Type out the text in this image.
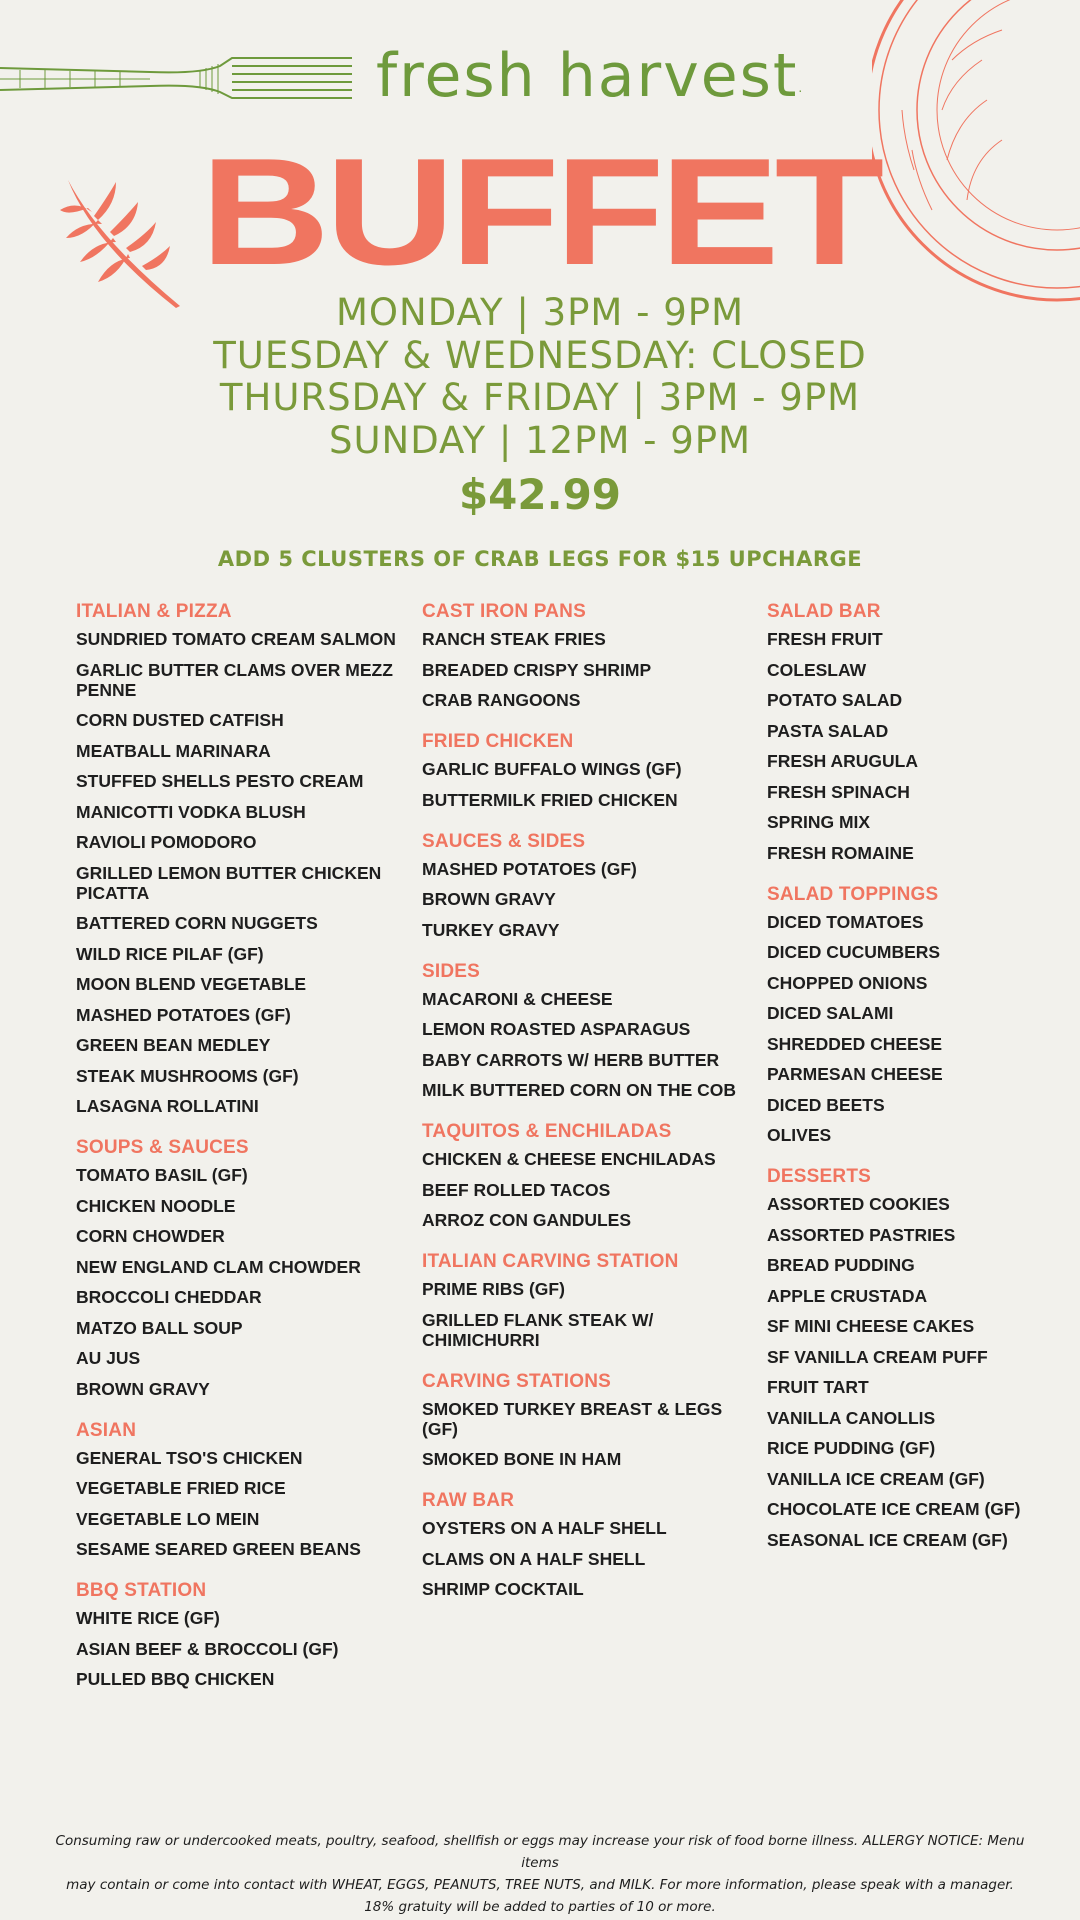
fresh harvest.
BUFFET
MONDAY | 3PM - 9PM
TUESDAY & WEDNESDAY: CLOSED
THURSDAY & FRIDAY | 3PM - 9PM
SUNDAY | 12PM - 9PM
$42.99
ADD 5 CLUSTERS OF CRAB LEGS FOR $15 UPCHARGE
ITALIAN & PIZZA
SUNDRIED TOMATO CREAM SALMON
GARLIC BUTTER CLAMS OVER MEZZ PENNE
CORN DUSTED CATFISH
MEATBALL MARINARA
STUFFED SHELLS PESTO CREAM
MANICOTTI VODKA BLUSH
RAVIOLI POMODORO
GRILLED LEMON BUTTER CHICKEN PICATTA
BATTERED CORN NUGGETS
WILD RICE PILAF (GF)
MOON BLEND VEGETABLE
MASHED POTATOES (GF)
GREEN BEAN MEDLEY
STEAK MUSHROOMS (GF)
LASAGNA ROLLATINI
SOUPS & SAUCES
TOMATO BASIL (GF)
CHICKEN NOODLE
CORN CHOWDER
NEW ENGLAND CLAM CHOWDER
BROCCOLI CHEDDAR
MATZO BALL SOUP
AU JUS
BROWN GRAVY
ASIAN
GENERAL TSO'S CHICKEN
VEGETABLE FRIED RICE
VEGETABLE LO MEIN
SESAME SEARED GREEN BEANS
BBQ STATION
WHITE RICE (GF)
ASIAN BEEF & BROCCOLI (GF)
PULLED BBQ CHICKEN
CAST IRON PANS
RANCH STEAK FRIES
BREADED CRISPY SHRIMP
CRAB RANGOONS
FRIED CHICKEN
GARLIC BUFFALO WINGS (GF)
BUTTERMILK FRIED CHICKEN
SAUCES & SIDES
MASHED POTATOES (GF)
BROWN GRAVY
TURKEY GRAVY
SIDES
MACARONI & CHEESE
LEMON ROASTED ASPARAGUS
BABY CARROTS W/ HERB BUTTER
MILK BUTTERED CORN ON THE COB
TAQUITOS & ENCHILADAS
CHICKEN & CHEESE ENCHILADAS
BEEF ROLLED TACOS
ARROZ CON GANDULES
ITALIAN CARVING STATION
PRIME RIBS (GF)
GRILLED FLANK STEAK W/ CHIMICHURRI
CARVING STATIONS
SMOKED TURKEY BREAST & LEGS (GF)
SMOKED BONE IN HAM
RAW BAR
OYSTERS ON A HALF SHELL
CLAMS ON A HALF SHELL
SHRIMP COCKTAIL
SALAD BAR
FRESH FRUIT
COLESLAW
POTATO SALAD
PASTA SALAD
FRESH ARUGULA
FRESH SPINACH
SPRING MIX
FRESH ROMAINE
SALAD TOPPINGS
DICED TOMATOES
DICED CUCUMBERS
CHOPPED ONIONS
DICED SALAMI
SHREDDED CHEESE
PARMESAN CHEESE
DICED BEETS
OLIVES
DESSERTS
ASSORTED COOKIES
ASSORTED PASTRIES
BREAD PUDDING
APPLE CRUSTADA
SF MINI CHEESE CAKES
SF VANILLA CREAM PUFF
FRUIT TART
VANILLA CANOLLIS
RICE PUDDING (GF)
VANILLA ICE CREAM (GF)
CHOCOLATE ICE CREAM (GF)
SEASONAL ICE CREAM (GF)
Consuming raw or undercooked meats, poultry, seafood, shellfish or eggs may increase your risk of food borne illness. ALLERGY NOTICE: Menu items
may contain or come into contact with WHEAT, EGGS, PEANUTS, TREE NUTS, and MILK. For more information, please speak with a manager.
18% gratuity will be added to parties of 10 or more.
